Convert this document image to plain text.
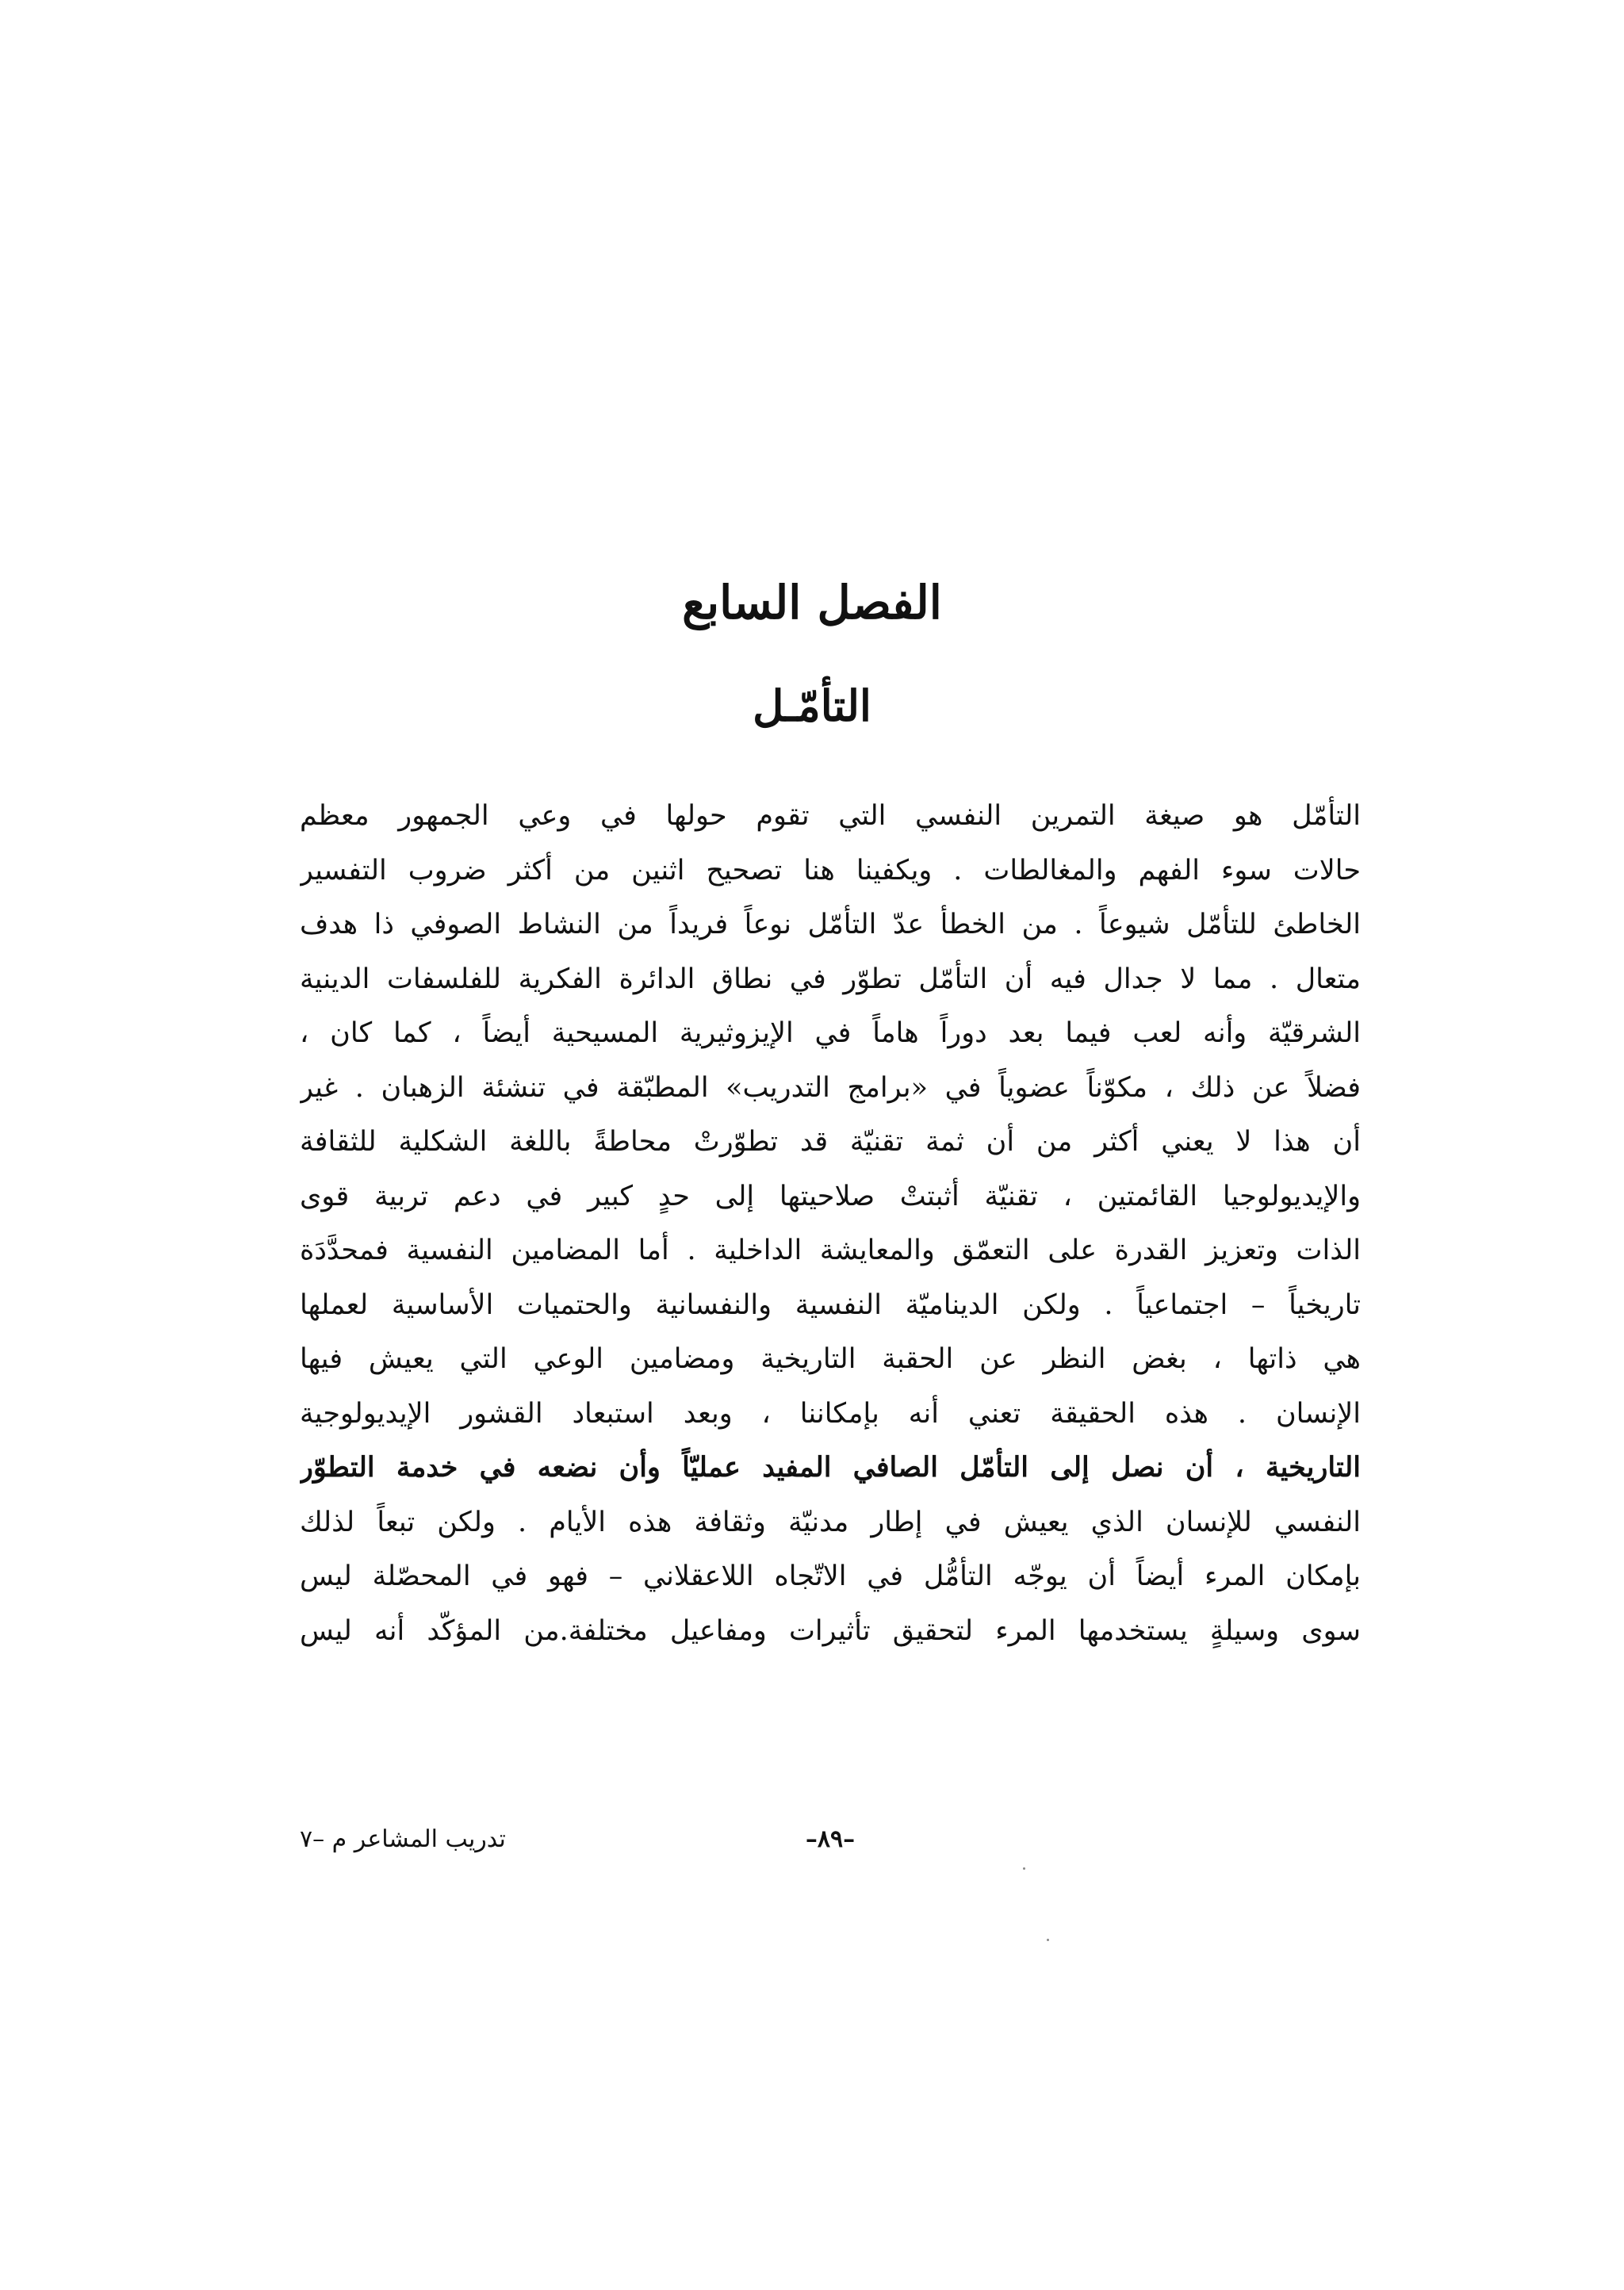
الفصل السابع
التأمّـل
التأمّل هو صيغة التمرين النفسي التي تقوم حولها في وعي الجمهور معظم
حالات سوء الفهم والمغالطات . ويكفينا هنا تصحيح اثنين من أكثر ضروب التفسير
الخاطئ للتأمّل شيوعاً . من الخطأ عدّ التأمّل نوعاً فريداً من النشاط الصوفي ذا هدف
متعال . مما لا جدال فيه أن التأمّل تطوّر في نطاق الدائرة الفكرية للفلسفات الدينية
الشرقيّة وأنه لعب فيما بعد دوراً هاماً في الإيزوثيرية المسيحية أيضاً ، كما كان ،
فضلاً عن ذلك ، مكوّناً عضوياً في «برامج التدريب» المطبّقة في تنشئة الزهبان . غير
أن هذا لا يعني أكثر من أن ثمة تقنيّة قد تطوّرتْ محاطةً باللغة الشكلية للثقافة
والإيديولوجيا القائمتين ، تقنيّة أثبتتْ صلاحيتها إلى حدٍ كبير في دعم تربية قوى
الذات وتعزيز القدرة على التعمّق والمعايشة الداخلية . أما المضامين النفسية فمحدَّدَة
تاريخياً – اجتماعياً . ولكن الديناميّة النفسية والنفسانية والحتميات الأساسية لعملها
هي ذاتها ، بغض النظر عن الحقبة التاريخية ومضامين الوعي التي يعيش فيها
الإنسان . هذه الحقيقة تعني أنه بإمكاننا ، وبعد استبعاد القشور الإيديولوجية
التاريخية ، أن نصل إلى التأمّل الصافي المفيد عمليّاً وأن نضعه في خدمة التطوّر
النفسي للإنسان الذي يعيش في إطار مدنيّة وثقافة هذه الأيام . ولكن تبعاً لذلك
بإمكان المرء أيضاً أن يوجّه التأمُّل في الاتّجاه اللاعقلاني – فهو في المحصّلة ليس
سوى وسيلةٍ يستخدمها المرء لتحقيق تأثيرات ومفاعيل مختلفة.من المؤكّد أنه ليس
–٨٩–
تدريب المشاعر م –٧
